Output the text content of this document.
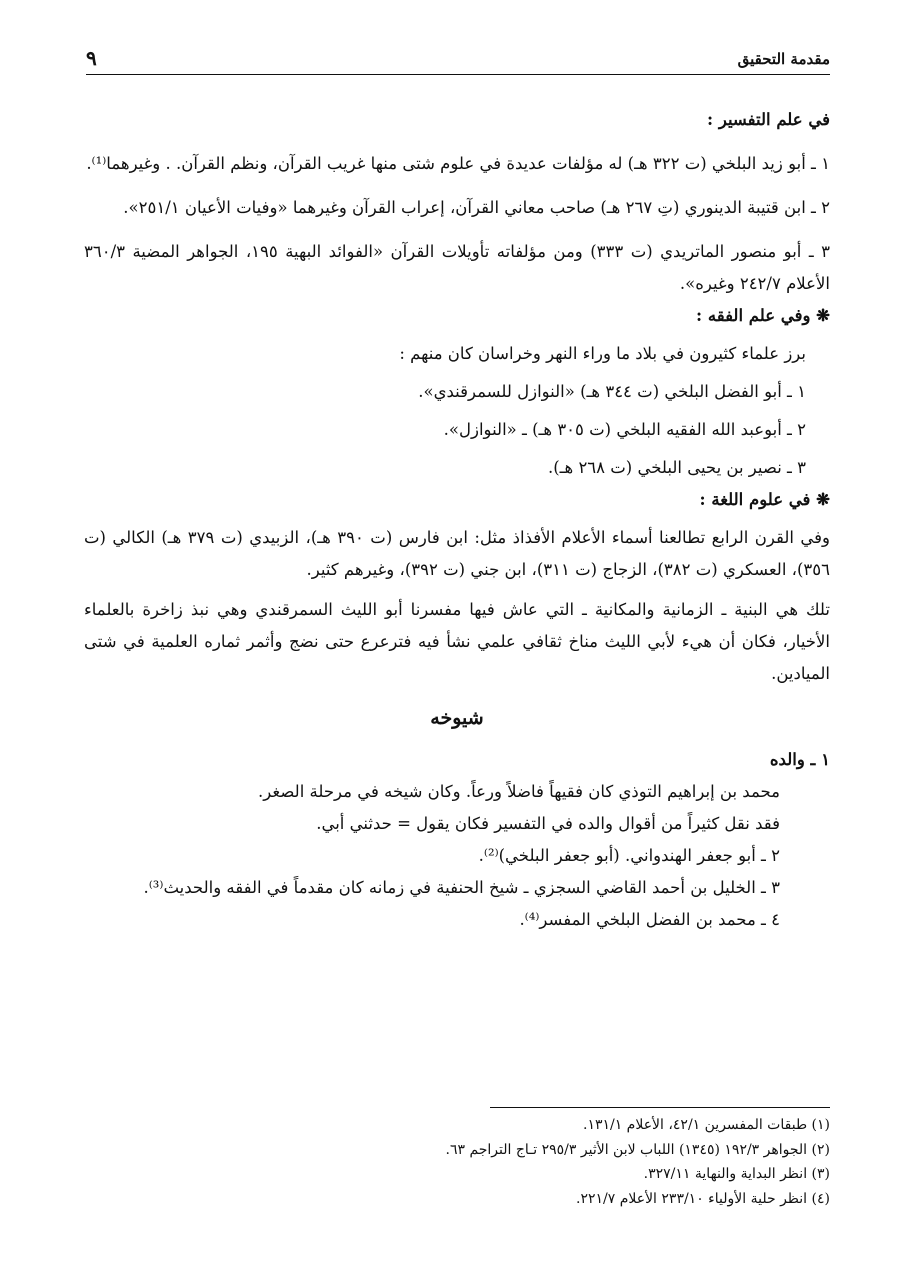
مقدمة التحقيق
٩

في علم التفسير :

١ ـ أبو زيد البلخي (ت ٣٢٢ هـ) له مؤلفات عديدة في علوم شتى منها غريب القرآن، ونظم القرآن. . وغيرهما⁽¹⁾.

٢ ـ ابن قتيبة الدينوري (تِ ٢٦٧ هـ) صاحب معاني القرآن، إعراب القرآن وغيرهما «وفيات الأعيان ٢٥١/١».

٣ ـ أبو منصور الماتريدي (ت ٣٣٣) ومن مؤلفاته تأويلات القرآن «الفوائد البهية ١٩٥، الجواهر المضية ٣٦٠/٣ الأعلام ٢٤٢/٧ وغيره».

❋ وفي علم الفقه :

برز علماء كثيرون في بلاد ما وراء النهر وخراسان كان منهم :

١ ـ أبو الفضل البلخي (ت ٣٤٤ هـ) «النوازل للسمرقندي».

٢ ـ أبوعبد الله الفقيه البلخي (ت ٣٠٥ هـ) ـ «النوازل».

٣ ـ نصير بن يحيى البلخي (ت ٢٦٨ هـ).

❋ في علوم اللغة :

وفي القرن الرابع تطالعنا أسماء الأعلام الأفذاذ مثل: ابن فارس (ت ٣٩٠ هـ)، الزبيدي (ت ٣٧٩ هـ) الكالي (ت ٣٥٦)، العسكري (ت ٣٨٢)، الزجاج (ت ٣١١)، ابن جني (ت ٣٩٢)، وغيرهم كثير.

تلك هي البنية ـ الزمانية والمكانية ـ التي عاش فيها مفسرنا أبو الليث السمرقندي وهي نبذ زاخرة بالعلماء الأخيار، فكان أن هيء لأبي الليث مناخ ثقافي علمي نشأ فيه فترعرع حتى نضج وأثمر ثماره العلمية في شتى الميادين.

شيوخه

١ ـ والده

محمد بن إبراهيم التوذي كان فقيهاً فاضلاً ورعاً. وكان شيخه في مرحلة الصغر.

فقد نقل كثيراً من أقوال والده في التفسير فكان يقول = حدثني أبي.

٢ ـ أبو جعفر الهندواني. (أبو جعفر البلخي)⁽²⁾.

٣ ـ الخليل بن أحمد القاضي السجزي ـ شيخ الحنفية في زمانه كان مقدماً في الفقه والحديث⁽³⁾.

٤ ـ محمد بن الفضل البلخي المفسر⁽⁴⁾.

(١) طبقات المفسرين ٤٢/١، الأعلام ١٣١/١.

(٢) الجواهر ١٩٢/٣ (١٣٤٥) اللباب لابن الأثير ٢٩٥/٣ تـاج التراجم ٦٣.

(٣) انظر البداية والنهاية ٣٢٧/١١.

(٤) انظر حلية الأولياء ٢٣٣/١٠ الأعلام ٢٢١/٧.
